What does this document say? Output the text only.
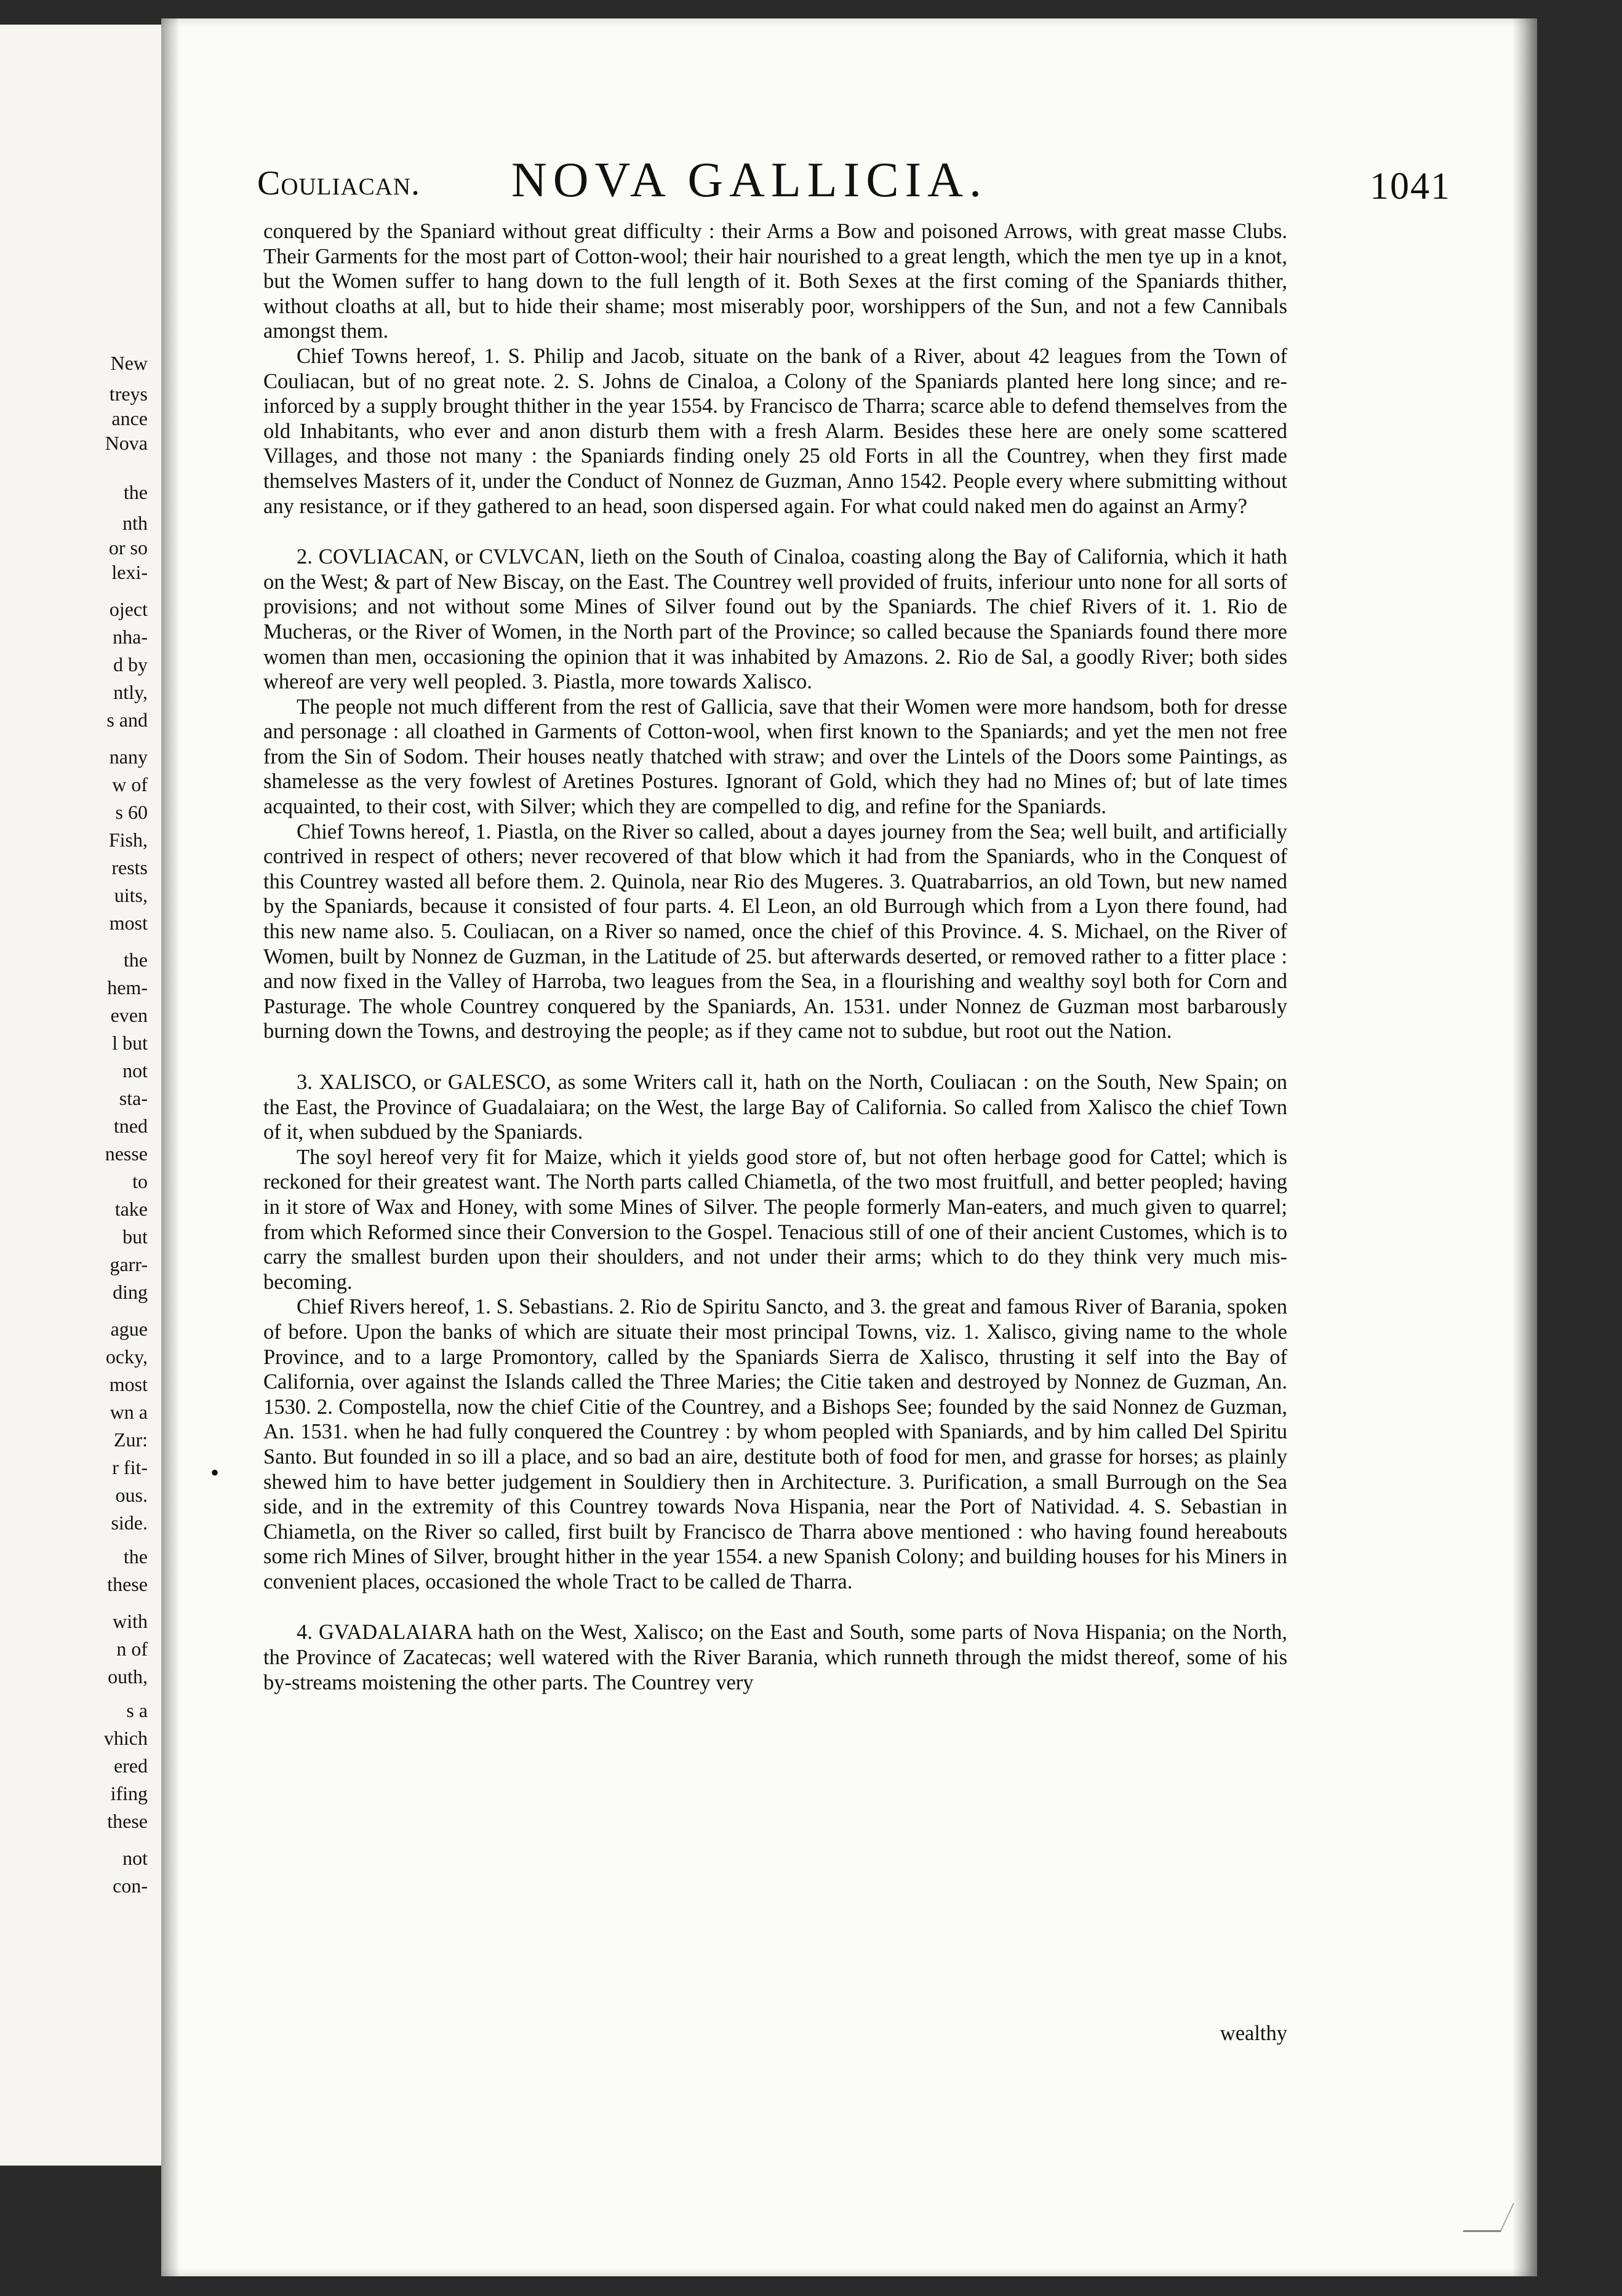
New
treys
ance
Nova
the
nth
or so
lexi-
oject
nha-
d by
ntly,
s and
nany
w of
s 60
Fish,
rests
uits,
most
the
hem-
even
l but
not
sta-
tned
nesse
to
take
but
garr-
ding
ague
ocky,
most
wn a
Zur:
r fit-
ous.
side.
the
these
with
n of
outh,
s a
vhich
ered
ifing
these
not
con-
Couliacan.	NOVA GALLICIA.	1041
•

conquered by the Spaniard without great difficulty : their Arms a Bow and poisoned Arrows, with great masse Clubs. Their Garments for the most part of Cotton-wool; their hair nourished to a great length, which the men tye up in a knot, but the Women suffer to hang down to the full length of it. Both Sexes at the first coming of the Spaniards thither, without cloaths at all, but to hide their shame; most miserably poor, worshippers of the Sun, and not a few Cannibals amongst them.

Chief Towns hereof, 1. S. Philip and Jacob, situate on the bank of a River, about 42 leagues from the Town of Couliacan, but of no great note. 2. S. Johns de Cinaloa, a Colony of the Spaniards planted here long since; and re-inforced by a supply brought thither in the year 1554. by Francisco de Tharra; scarce able to defend themselves from the old Inhabitants, who ever and anon disturb them with a fresh Alarm. Besides these here are onely some scattered Villages, and those not many : the Spaniards finding onely 25 old Forts in all the Countrey, when they first made themselves Masters of it, under the Conduct of Nonnez de Guzman, Anno 1542. People every where submitting without any resistance, or if they gathered to an head, soon dispersed again. For what could naked men do against an Army?

2. COVLIACAN, or CVLVCAN, lieth on the South of Cinaloa, coasting along the Bay of California, which it hath on the West; & part of New Biscay, on the East. The Countrey well provided of fruits, inferiour unto none for all sorts of provisions; and not without some Mines of Silver found out by the Spaniards. The chief Rivers of it. 1. Rio de Mucheras, or the River of Women, in the North part of the Province; so called because the Spaniards found there more women than men, occasioning the opinion that it was inhabited by Amazons. 2. Rio de Sal, a goodly River; both sides whereof are very well peopled. 3. Piastla, more towards Xalisco.

The people not much different from the rest of Gallicia, save that their Women were more handsom, both for dresse and personage : all cloathed in Garments of Cotton-wool, when first known to the Spaniards; and yet the men not free from the Sin of Sodom. Their houses neatly thatched with straw; and over the Lintels of the Doors some Paintings, as shamelesse as the very fowlest of Aretines Postures. Ignorant of Gold, which they had no Mines of; but of late times acquainted, to their cost, with Silver; which they are compelled to dig, and refine for the Spaniards.

Chief Towns hereof, 1. Piastla, on the River so called, about a dayes journey from the Sea; well built, and artificially contrived in respect of others; never recovered of that blow which it had from the Spaniards, who in the Conquest of this Countrey wasted all before them. 2. Quinola, near Rio des Mugeres. 3. Quatrabarrios, an old Town, but new named by the Spaniards, because it consisted of four parts. 4. El Leon, an old Burrough which from a Lyon there found, had this new name also. 5. Couliacan, on a River so named, once the chief of this Province. 4. S. Michael, on the River of Women, built by Nonnez de Guzman, in the Latitude of 25. but afterwards deserted, or removed rather to a fitter place : and now fixed in the Valley of Harroba, two leagues from the Sea, in a flourishing and wealthy soyl both for Corn and Pasturage. The whole Countrey conquered by the Spaniards, An. 1531. under Nonnez de Guzman most barbarously burning down the Towns, and destroying the people; as if they came not to subdue, but root out the Nation.

3. XALISCO, or GALESCO, as some Writers call it, hath on the North, Couliacan : on the South, New Spain; on the East, the Province of Guadalaiara; on the West, the large Bay of California. So called from Xalisco the chief Town of it, when subdued by the Spaniards.

The soyl hereof very fit for Maize, which it yields good store of, but not often herbage good for Cattel; which is reckoned for their greatest want. The North parts called Chiametla, of the two most fruitfull, and better peopled; having in it store of Wax and Honey, with some Mines of Silver. The people formerly Man-eaters, and much given to quarrel; from which Reformed since their Conversion to the Gospel. Tenacious still of one of their ancient Customes, which is to carry the smallest burden upon their shoulders, and not under their arms; which to do they think very much mis-becoming.

Chief Rivers hereof, 1. S. Sebastians. 2. Rio de Spiritu Sancto, and 3. the great and famous River of Barania, spoken of before. Upon the banks of which are situate their most principal Towns, viz. 1. Xalisco, giving name to the whole Province, and to a large Promontory, called by the Spaniards Sierra de Xalisco, thrusting it self into the Bay of California, over against the Islands called the Three Maries; the Citie taken and destroyed by Nonnez de Guzman, An. 1530. 2. Compostella, now the chief Citie of the Countrey, and a Bishops See; founded by the said Nonnez de Guzman, An. 1531. when he had fully conquered the Countrey : by whom peopled with Spaniards, and by him called Del Spiritu Santo. But founded in so ill a place, and so bad an aire, destitute both of food for men, and grasse for horses; as plainly shewed him to have better judgement in Souldiery then in Architecture. 3. Purification, a small Burrough on the Sea side, and in the extremity of this Countrey towards Nova Hispania, near the Port of Natividad. 4. S. Sebastian in Chiametla, on the River so called, first built by Francisco de Tharra above mentioned : who having found hereabouts some rich Mines of Silver, brought hither in the year 1554. a new Spanish Colony; and building houses for his Miners in convenient places, occasioned the whole Tract to be called de Tharra.

4. GVADALAIARA hath on the West, Xalisco; on the East and South, some parts of Nova Hispania; on the North, the Province of Zacatecas; well watered with the River Barania, which runneth through the midst thereof, some of his by-streams moistening the other parts. The Countrey very

wealthy
